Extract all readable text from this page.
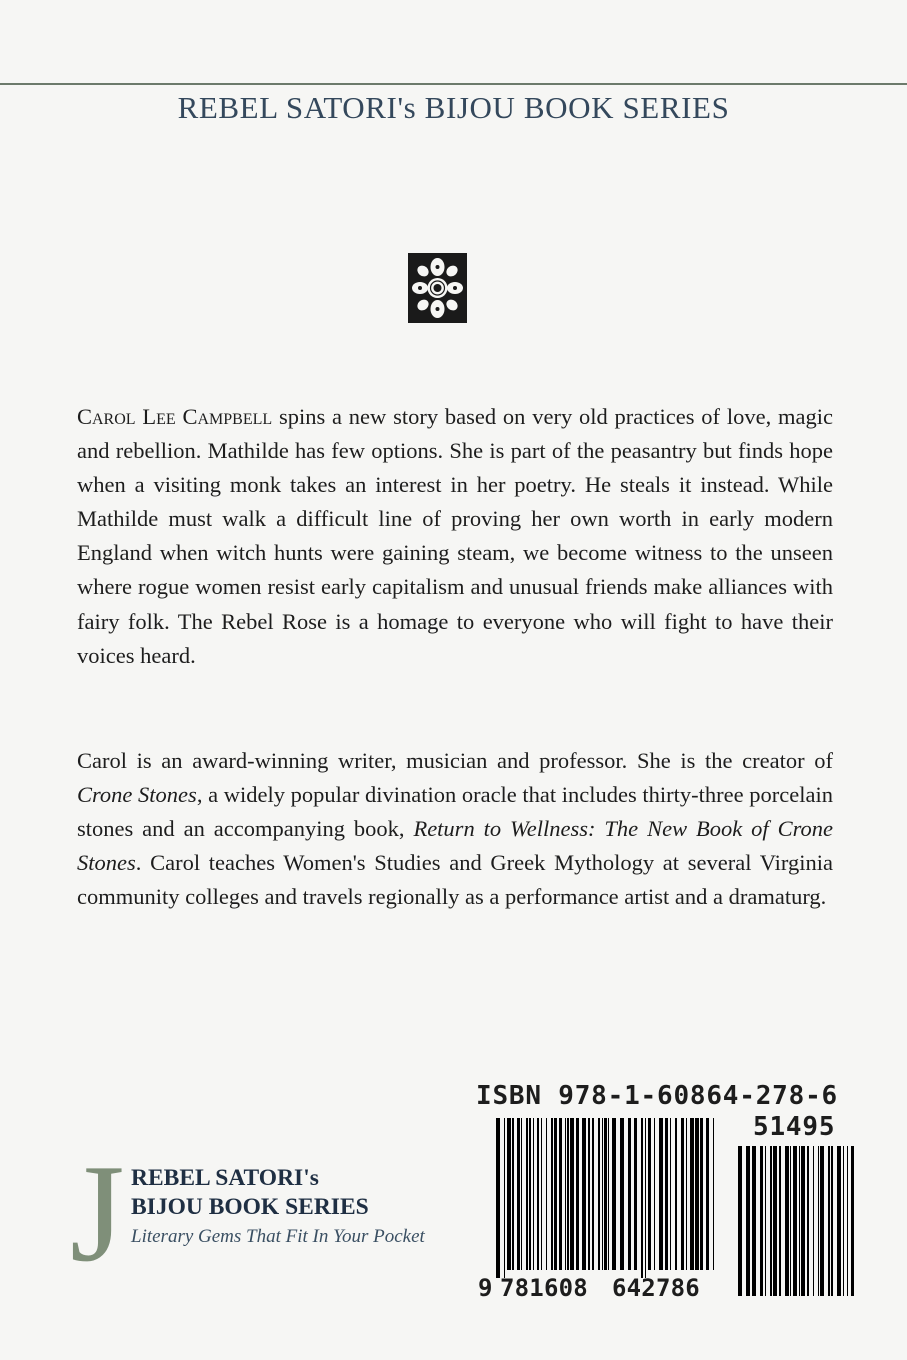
REBEL SATORI's BIJOU BOOK SERIES

Carol Lee Campbell spins a new story based on very old practices of love, magic and rebellion. Mathilde has few options. She is part of the peasantry but finds hope when a visiting monk takes an interest in her poetry. He steals it instead. While Mathilde must walk a difficult line of proving her own worth in early modern England when witch hunts were gaining steam, we become witness to the unseen where rogue women resist early capitalism and unusual friends make alliances with fairy folk. The Rebel Rose is a homage to everyone who will fight to have their voices heard.

Carol is an award-winning writer, musician and professor. She is the creator of Crone Stones, a widely popular divination oracle that includes thirty-three porcelain stones and an accompanying book, Return to Wellness: The New Book of Crone Stones. Carol teaches Women's Studies and Greek Mythology at several Virginia community colleges and travels regionally as a performance artist and a dramaturg.

J REBEL SATORI's

BIJOU BOOK SERIES

Literary Gems That Fit In Your Pocket

ISBN 978-1-60864-278-6

51495

9 781608 642786
